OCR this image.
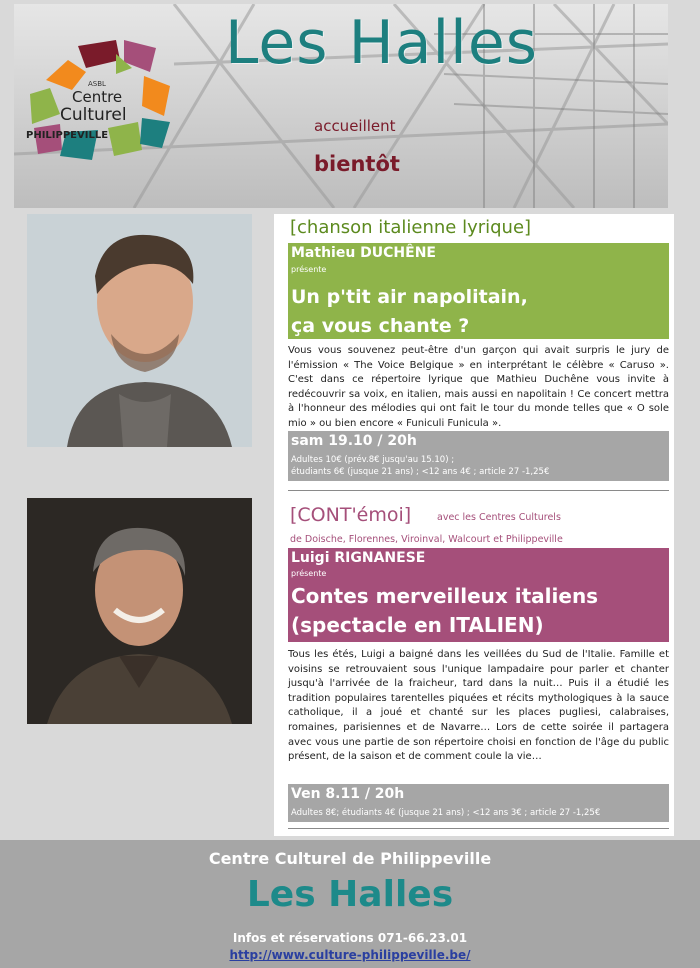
ASBL
Centre
Culturel
PHILIPPEVILLE
Les Halles
accueillent
bientôt
[chanson italienne lyrique]
Mathieu DUCHÊNE
présente
Un p'tit air napolitain,
ça vous chante ?
Vous vous souvenez peut-être d'un garçon qui avait surpris le jury de l'émission « The Voice Belgique » en interprétant le célèbre « Caruso ». C'est dans ce répertoire lyrique que Mathieu Duchêne vous invite à redécouvrir sa voix, en italien, mais aussi en napolitain ! Ce concert mettra à l'honneur des mélodies qui ont fait le tour du monde telles que « O sole mio » ou bien encore « Funiculi Funicula ».
sam 19.10 / 20h
Adultes 10€ (prév.8€ jusqu'au 15.10) ;
étudiants 6€ (jusque 21 ans) ; <12 ans 4€ ; article 27 -1,25€
[CONT'émoi]	avec les Centres Culturels
de Doische, Florennes, Viroinval, Walcourt et Philippeville
Luigi RIGNANESE
présente
Contes merveilleux italiens
(spectacle en ITALIEN)
Tous les étés, Luigi a baigné dans les veillées du Sud de l'Italie. Famille et voisins se retrouvaient sous l'unique lampadaire pour parler et chanter jusqu'à l'arrivée de la fraicheur, tard dans la nuit… Puis il a étudié les tradition populaires tarentelles piquées et récits mythologiques à la sauce catholique, il a joué et chanté sur les places pugliesi, calabraises, romaines, parisiennes et de Navarre… Lors de cette soirée il partagera avec vous une partie de son répertoire choisi en fonction de l'âge du public présent, de la saison et de comment coule la vie…
Ven 8.11 / 20h
Adultes 8€; étudiants 4€ (jusque 21 ans) ; <12 ans 3€ ; article 27 -1,25€
Centre Culturel de Philippeville
Les Halles
Infos et réservations 071-66.23.01
http://www.culture-philippeville.be/
